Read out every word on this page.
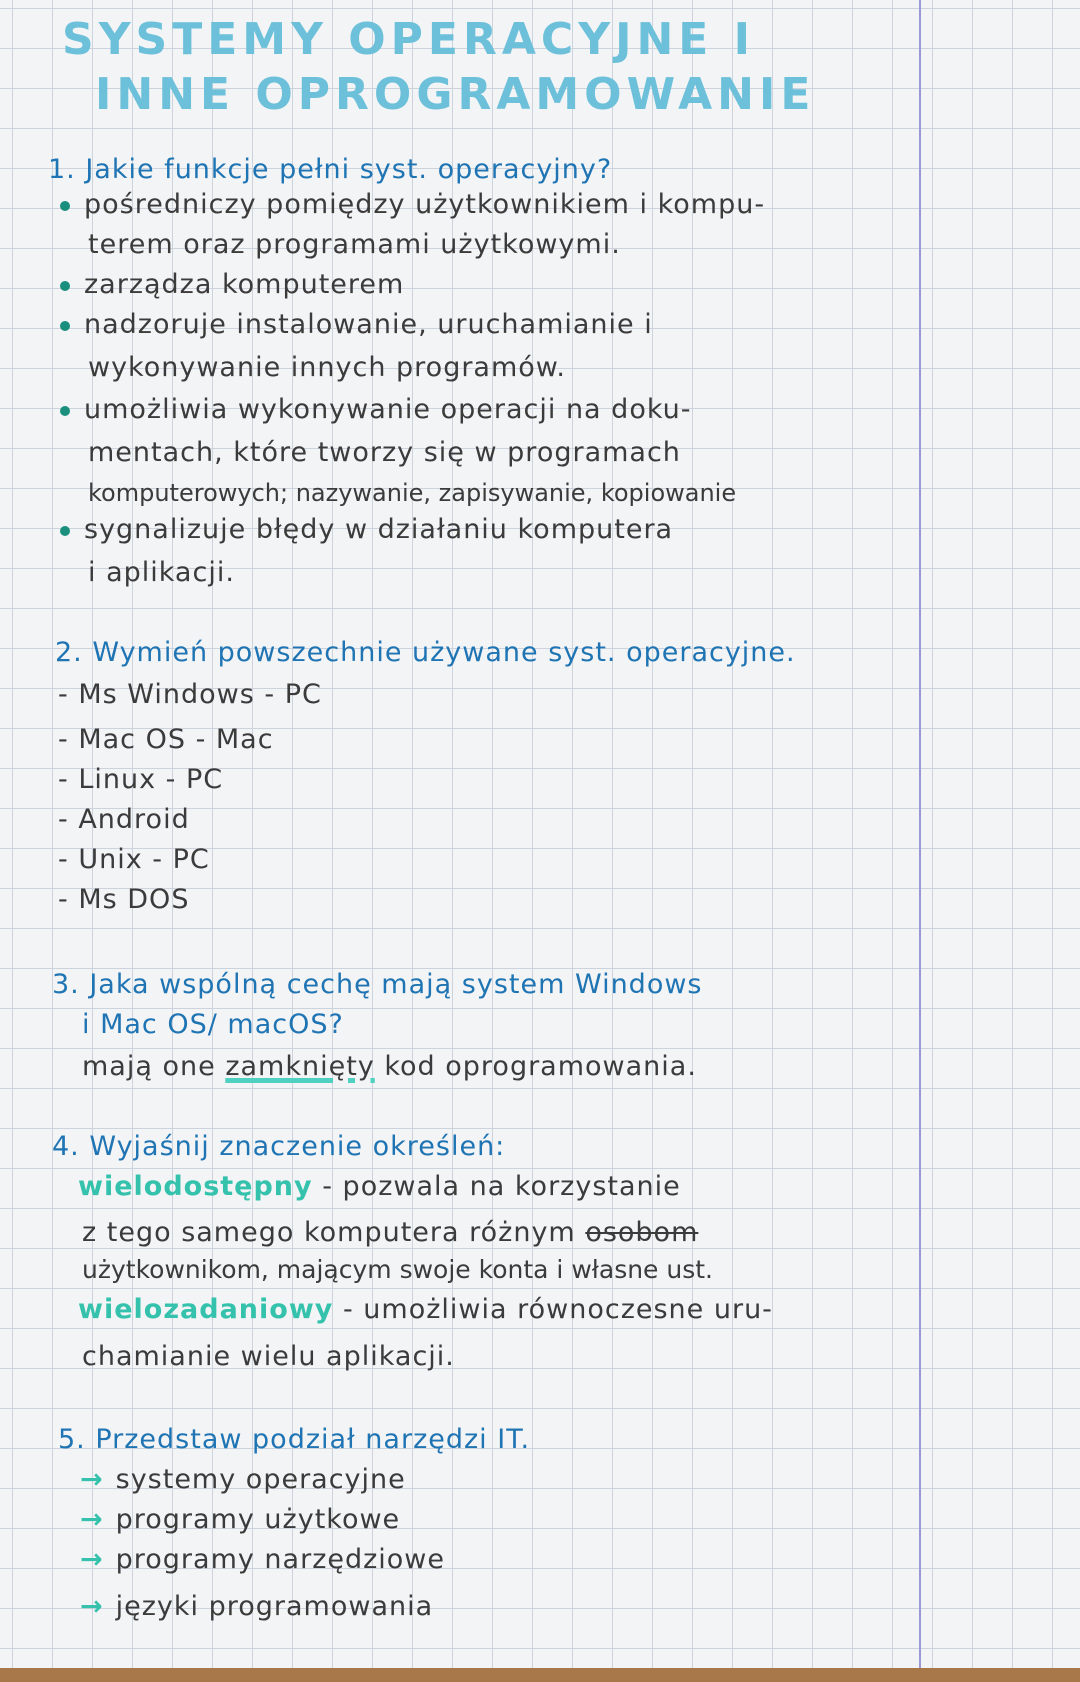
SYSTEMY OPERACYJNE I
INNE OPROGRAMOWANIE
1. Jakie funkcje pełni syst. operacyjny?
pośredniczy pomiędzy użytkownikiem i kompu-
terem oraz programami użytkowymi.
zarządza komputerem
nadzoruje instalowanie, uruchamianie i
wykonywanie innych programów.
umożliwia wykonywanie operacji na doku-
mentach, które tworzy się w programach
komputerowych; nazywanie, zapisywanie, kopiowanie
sygnalizuje błędy w działaniu komputera
i aplikacji.
2. Wymień powszechnie używane syst. operacyjne.
- Ms Windows - PC
- Mac OS - Mac
- Linux - PC
- Android
- Unix - PC
- Ms DOS
3. Jaka wspólną cechę mają system Windows
i Mac OS/ macOS?
mają one zamknięty kod oprogramowania.
4. Wyjaśnij znaczenie określeń:
wielodostępny - pozwala na korzystanie
z tego samego komputera różnym osobom
użytkownikom, mającym swoje konta i własne ust.
wielozadaniowy - umożliwia równoczesne uru-
chamianie wielu aplikacji.
5. Przedstaw podział narzędzi IT.
→ systemy operacyjne
→ programy użytkowe
→ programy narzędziowe
→ języki programowania
